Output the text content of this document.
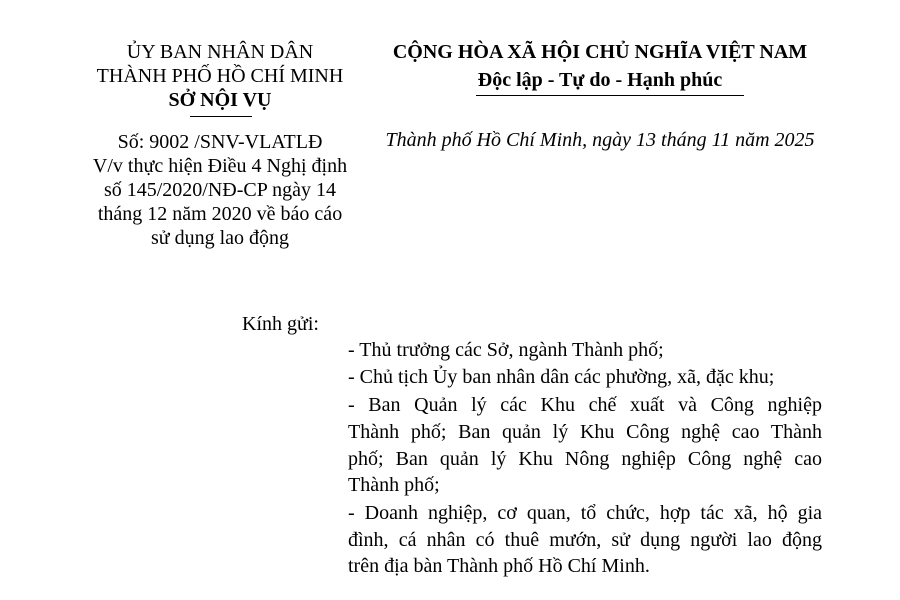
ỦY BAN NHÂN DÂN
THÀNH PHỐ HỒ CHÍ MINH
SỞ NỘI VỤ
Số: 9002 /SNV-VLATLĐ
V/v thực hiện Điều 4 Nghị định
số 145/2020/NĐ-CP ngày 14
tháng 12 năm 2020 về báo cáo
sử dụng lao động
CỘNG HÒA XÃ HỘI CHỦ NGHĨA VIỆT NAM
Độc lập - Tự do - Hạnh phúc
Thành phố Hồ Chí Minh, ngày 13 tháng 11 năm 2025
Kính gửi:
- Thủ trưởng các Sở, ngành Thành phố;
- Chủ tịch Ủy ban nhân dân các phường, xã, đặc khu;
- Ban Quản lý các Khu chế xuất và Công nghiệp
Thành phố; Ban quản lý Khu Công nghệ cao Thành
phố; Ban quản lý Khu Nông nghiệp Công nghệ cao
Thành phố;
- Doanh nghiệp, cơ quan, tổ chức, hợp tác xã, hộ gia
đình, cá nhân có thuê mướn, sử dụng người lao động
trên địa bàn Thành phố Hồ Chí Minh.
